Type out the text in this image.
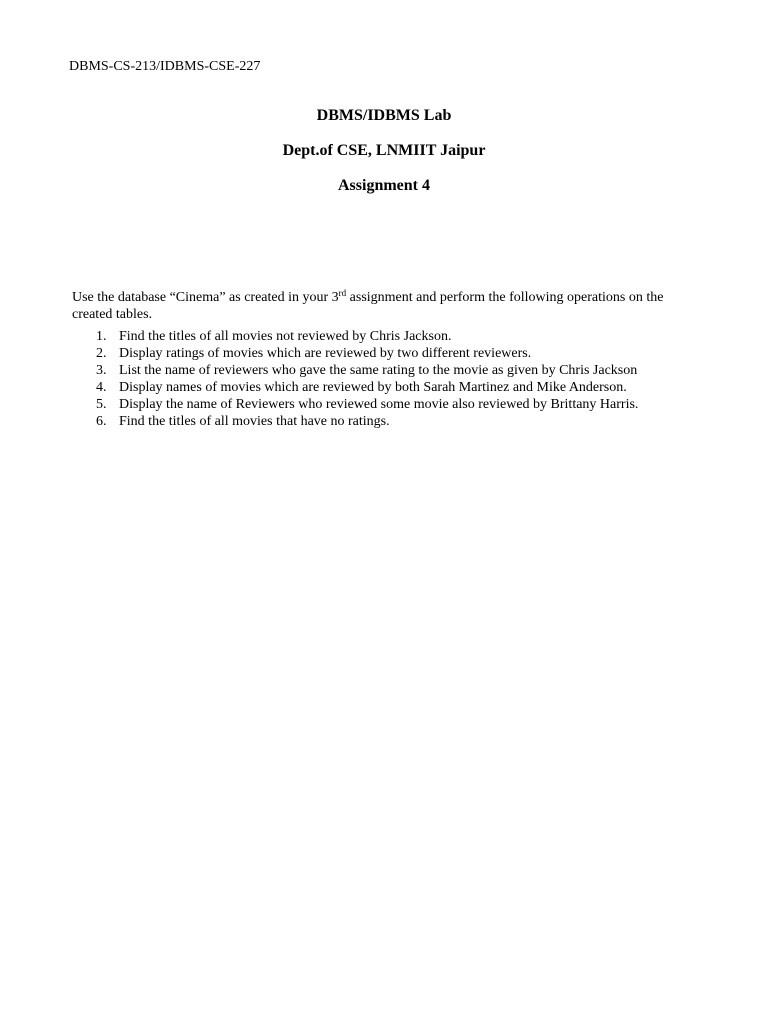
DBMS-CS-213/IDBMS-CSE-227
DBMS/IDBMS Lab
Dept.of CSE, LNMIIT Jaipur
Assignment 4

Use the database “Cinema” as created in your 3rd assignment and perform the following operations on the created tables.

1. Find the titles of all movies not reviewed by Chris Jackson.
2. Display ratings of movies which are reviewed by two different reviewers.
3. List the name of reviewers who gave the same rating to the movie as given by Chris Jackson
4. Display names of movies which are reviewed by both Sarah Martinez and Mike Anderson.
5. Display the name of Reviewers who reviewed some movie also reviewed by Brittany Harris.
6. Find the titles of all movies that have no ratings.
